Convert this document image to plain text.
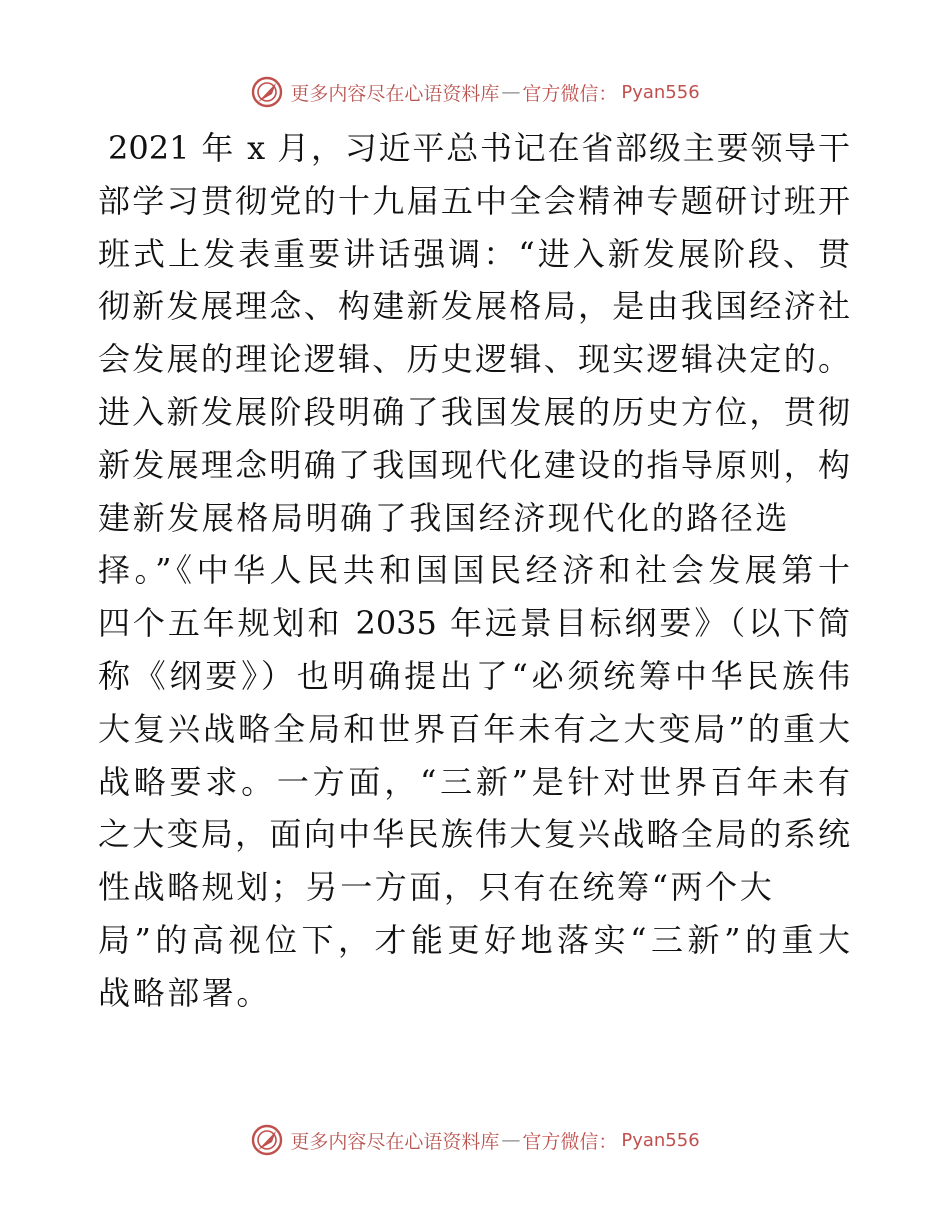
更多内容尽在心语资料库 — 官方微信： Pyan556
2021 年 x 月，习近平总书记在省部级主要领导干
部学习贯彻党的十九届五中全会精神专题研讨班开
班式上发表重要讲话强调：“进入新发展阶段、贯
彻新发展理念、构建新发展格局，是由我国经济社
会发展的理论逻辑、历史逻辑、现实逻辑决定的。
进入新发展阶段明确了我国发展的历史方位，贯彻
新发展理念明确了我国现代化建设的指导原则，构
建新发展格局明确了我国经济现代化的路径选
择。”《中华人民共和国国民经济和社会发展第十
四个五年规划和 2035 年远景目标纲要》（以下简
称《纲要》）也明确提出了“必须统筹中华民族伟
大复兴战略全局和世界百年未有之大变局”的重大
战略要求。一方面，“三新”是针对世界百年未有
之大变局，面向中华民族伟大复兴战略全局的系统
性战略规划；另一方面，只有在统筹“两个大
局”的高视位下，才能更好地落实“三新”的重大
战略部署。
更多内容尽在心语资料库 — 官方微信： Pyan556
